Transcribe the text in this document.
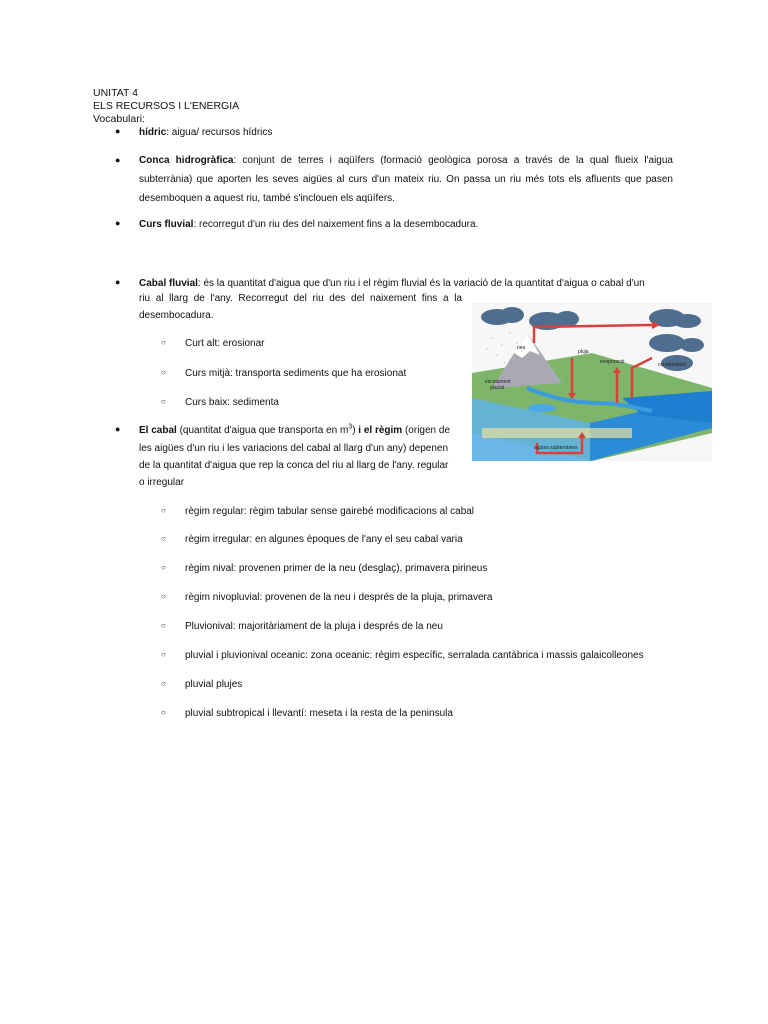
UNITAT 4
ELS RECURSOS I L'ENERGIA
Vocabulari:
● hídric: aigua/ recursos hídrics
● Conca hidrogràfica: conjunt de terres i aqüífers (formació geològica porosa a través de la qual flueix l'aigua subterrània) que aporten les seves aigües al curs d'un mateix riu. On passa un riu més tots els afluents que pasen desemboquen a aquest riu, també s'inclouen els aqüífers.
● Curs fluvial: recorregut d'un riu des del naixement fins a la desembocadura.
● Cabal fluvial: és la quantitat d'aigua que d'un riu i el règim fluvial és la variació de la quantitat d'aigua o cabal d'un
riu al llarg de l'any. Recorregut del riu des del naixement fins a la
desembocadura.
○ Curt alt: erosionar
○ Curs mitjà: transporta sediments que ha erosionat
○ Curs baix: sedimenta
● El cabal (quantitat d'aigua que transporta en $m^3$) i el règim (origen de
les aigües d'un riu i les variacions del cabal al llarg d'un any) depenen
de la quantitat d'aigua que rep la conca del riu al llarg de l'any. regular
o irregular
○ règim regular: règim tabular sense gairebé modificacions al cabal
○ règim irregular: en algunes èpoques de l'any el seu cabal varia
○ règim nival: provenen primer de la neu (desglaç), primavera pirineus
○ règim nivopluvial: provenen de la neu i després de la pluja, primavera
○ Pluvionival: majoritàriament de la pluja i després de la neu
○ pluvial i pluvionival oceanic: zona oceanic: règim específic, serralada cantàbrica i massis galaicolleones
○ pluvial plujes
○ pluvial subtropical i llevantí: meseta i la resta de la peninsula
neu
pluja
evaporació	condensació
escolament
glacial
aigües subterrànies
